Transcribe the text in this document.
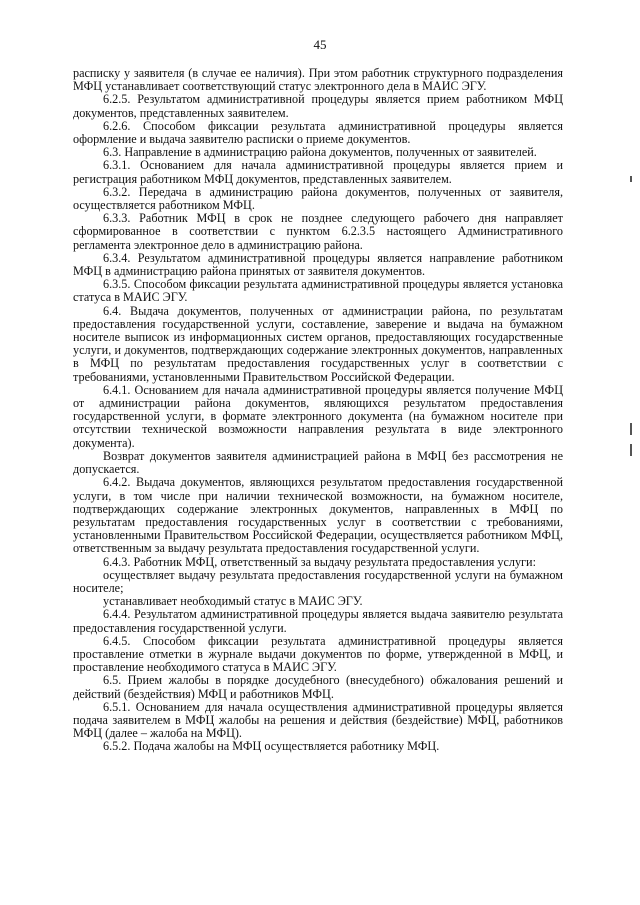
45

расписку у заявителя (в случае ее наличия). При этом работник структурного подразделения МФЦ устанавливает соответствующий статус электронного дела в МАИС ЭГУ.

6.2.5. Результатом административной процедуры является прием работником МФЦ документов, представленных заявителем.

6.2.6. Способом фиксации результата административной процедуры является оформление и выдача заявителю расписки о приеме документов.

6.3. Направление в администрацию района документов, полученных от заявителей.

6.3.1. Основанием для начала административной процедуры является прием и регистрация работником МФЦ документов, представленных заявителем.

6.3.2. Передача в администрацию района документов, полученных от заявителя, осуществляется работником МФЦ.

6.3.3. Работник МФЦ в срок не позднее следующего рабочего дня направляет сформированное в соответствии с пунктом 6.2.3.5 настоящего Административного регламента электронное дело в администрацию района.

6.3.4. Результатом административной процедуры является направление работником МФЦ в администрацию района принятых от заявителя документов.

6.3.5. Способом фиксации результата административной процедуры является установка статуса в МАИС ЭГУ.

6.4. Выдача документов, полученных от администрации района, по результатам предоставления государственной услуги, составление, заверение и выдача на бумажном носителе выписок из информационных систем органов, предоставляющих государственные услуги, и документов, подтверждающих содержание электронных документов, направленных в МФЦ по результатам предоставления государственных услуг в соответствии с требованиями, установленными Правительством Российской Федерации.

6.4.1. Основанием для начала административной процедуры является получение МФЦ от администрации района документов, являющихся результатом предоставления государственной услуги, в формате электронного документа (на бумажном носителе при отсутствии технической возможности направления результата в виде электронного документа).

Возврат документов заявителя администрацией района в МФЦ без рассмотрения не допускается.

6.4.2. Выдача документов, являющихся результатом предоставления государственной услуги, в том числе при наличии технической возможности, на бумажном носителе, подтверждающих содержание электронных документов, направленных в МФЦ по результатам предоставления государственных услуг в соответствии с требованиями, установленными Правительством Российской Федерации, осуществляется работником МФЦ, ответственным за выдачу результата предоставления государственной услуги.

6.4.3. Работник МФЦ, ответственный за выдачу результата предоставления услуги:

осуществляет выдачу результата предоставления государственной услуги на бумажном носителе;

устанавливает необходимый статус в МАИС ЭГУ.

6.4.4. Результатом административной процедуры является выдача заявителю результата предоставления государственной услуги.

6.4.5. Способом фиксации результата административной процедуры является проставление отметки в журнале выдачи документов по форме, утвержденной в МФЦ, и проставление необходимого статуса в МАИС ЭГУ.

6.5. Прием жалобы в порядке досудебного (внесудебного) обжалования решений и действий (бездействия) МФЦ и работников МФЦ.

6.5.1. Основанием для начала осуществления административной процедуры является подача заявителем в МФЦ жалобы на решения и действия (бездействие) МФЦ, работников МФЦ (далее – жалоба на МФЦ).

6.5.2. Подача жалобы на МФЦ осуществляется работнику МФЦ.
